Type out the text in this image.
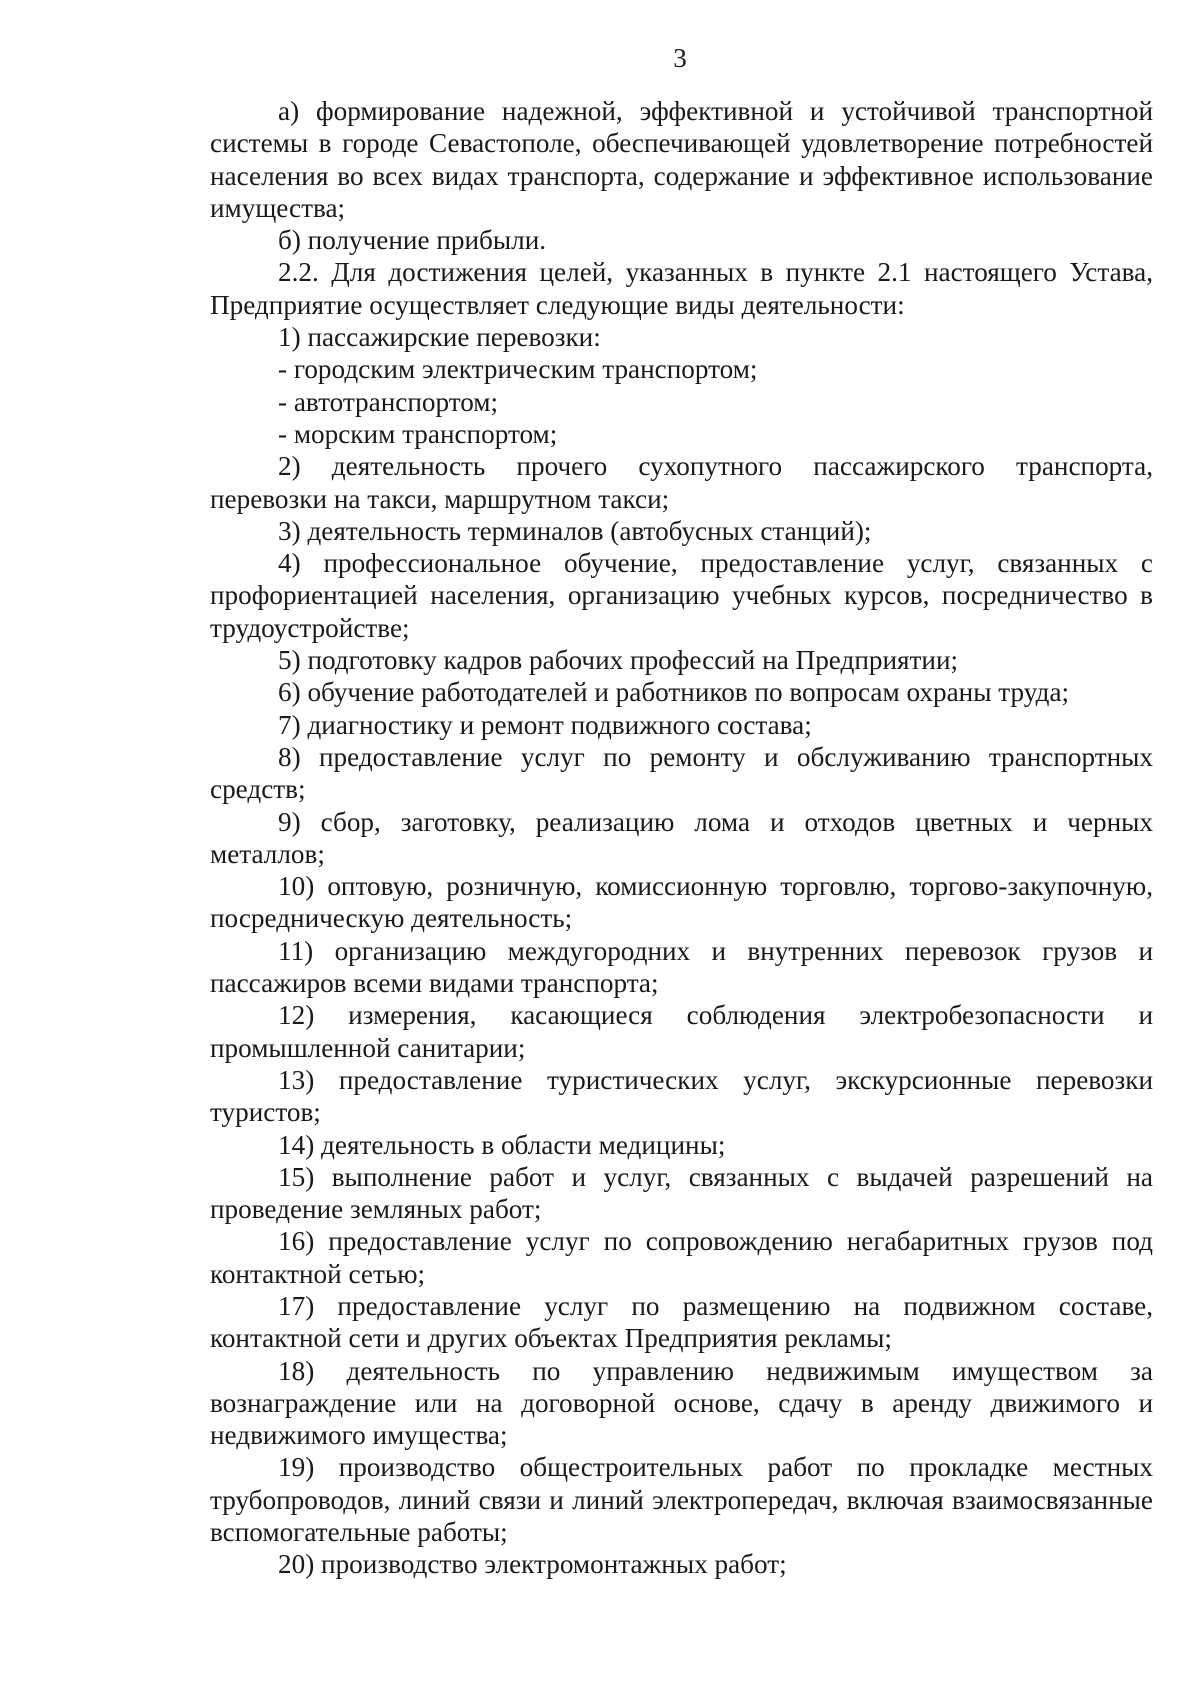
3

а) формирование надежной, эффективной и устойчивой транспортной системы в городе Севастополе, обеспечивающей удовлетворение потребностей населения во всех видах транспорта, содержание и эффективное использование имущества;

б) получение прибыли.

2.2. Для достижения целей, указанных в пункте 2.1 настоящего Устава, Предприятие осуществляет следующие виды деятельности:

1) пассажирские перевозки:

- городским электрическим транспортом;

- автотранспортом;

- морским транспортом;

2) деятельность прочего сухопутного пассажирского транспорта, перевозки на такси, маршрутном такси;

3) деятельность терминалов (автобусных станций);

4) профессиональное обучение, предоставление услуг, связанных с профориентацией населения, организацию учебных курсов, посредничество в трудоустройстве;

5) подготовку кадров рабочих профессий на Предприятии;

6) обучение работодателей и работников по вопросам охраны труда;

7) диагностику и ремонт подвижного состава;

8) предоставление услуг по ремонту и обслуживанию транспортных средств;

9) сбор, заготовку, реализацию лома и отходов цветных и черных металлов;

10) оптовую, розничную, комиссионную торговлю, торгово-закупочную, посредническую деятельность;

11) организацию междугородних и внутренних перевозок грузов и пассажиров всеми видами транспорта;

12) измерения, касающиеся соблюдения электробезопасности и промышленной санитарии;

13) предоставление туристических услуг, экскурсионные перевозки туристов;

14) деятельность в области медицины;

15) выполнение работ и услуг, связанных с выдачей разрешений на проведение земляных работ;

16) предоставление услуг по сопровождению негабаритных грузов под контактной сетью;

17) предоставление услуг по размещению на подвижном составе, контактной сети и других объектах Предприятия рекламы;

18) деятельность по управлению недвижимым имуществом за вознаграждение или на договорной основе, сдачу в аренду движимого и недвижимого имущества;

19) производство общестроительных работ по прокладке местных трубопроводов, линий связи и линий электропередач, включая взаимосвязанные вспомогательные работы;

20) производство электромонтажных работ;
